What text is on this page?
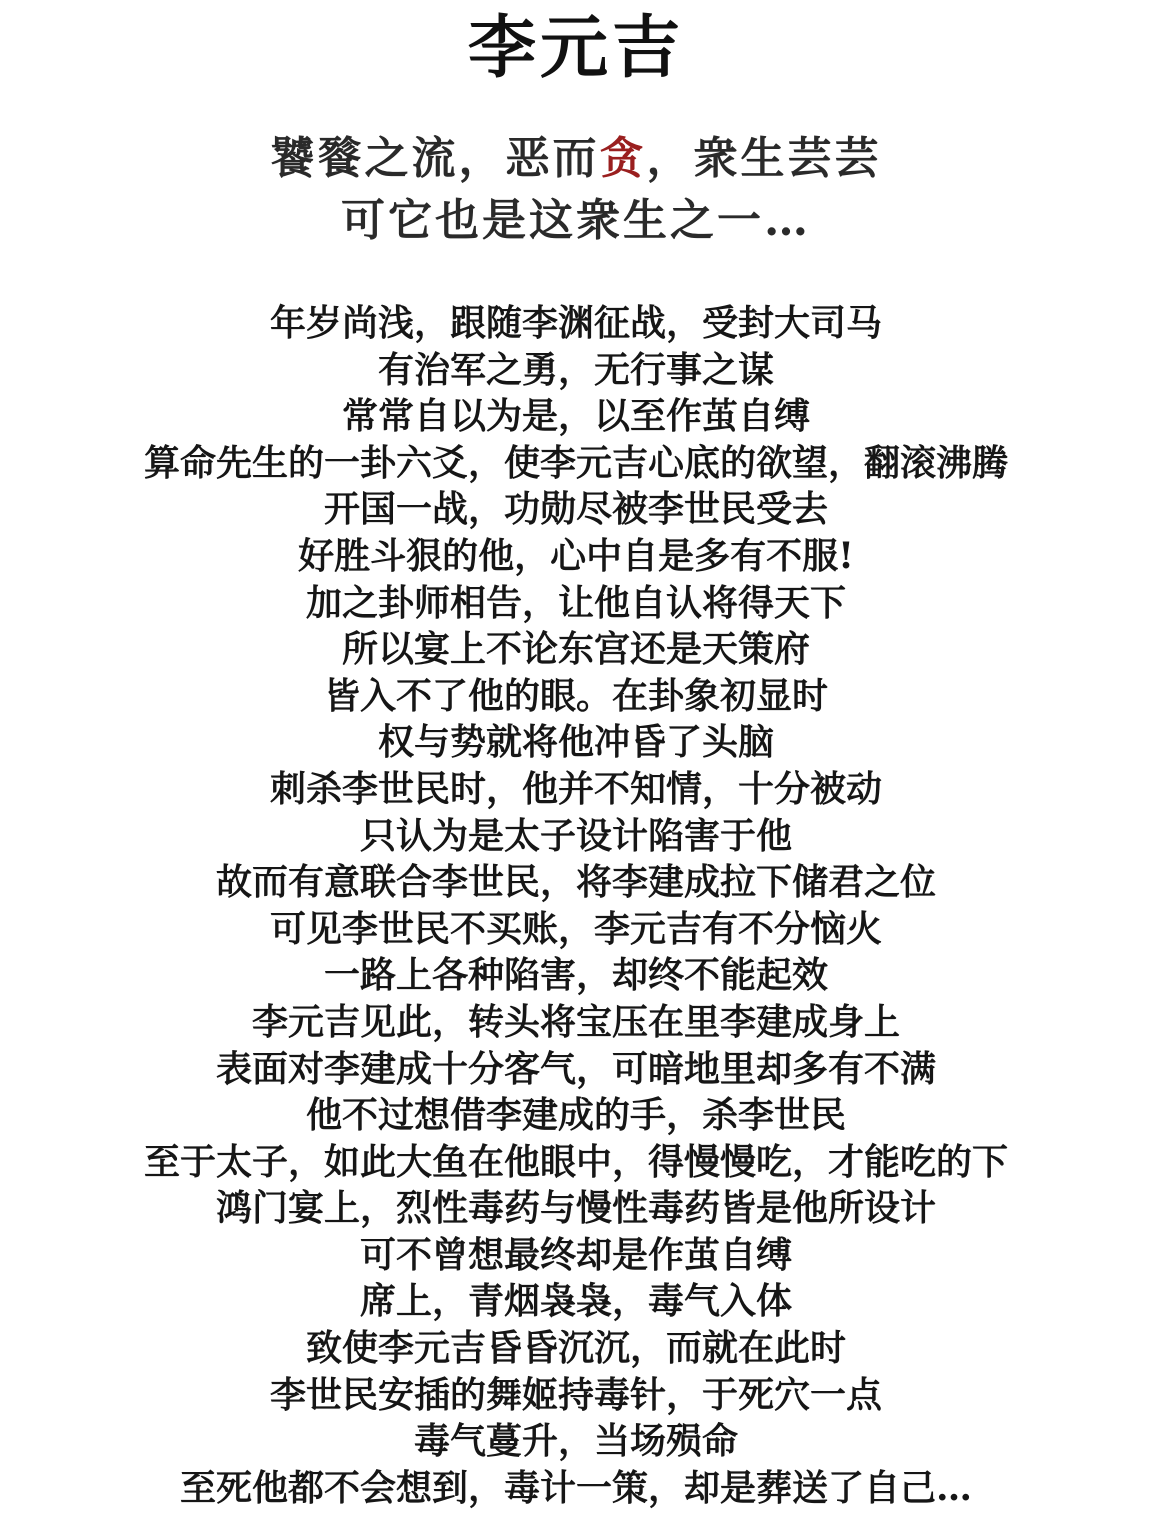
李元吉
饕餮之流，恶而贪，衆生芸芸
可它也是这衆生之一…
年岁尚浅，跟随李渊征战，受封大司马
有治军之勇，无行事之谋
常常自以为是，以至作茧自缚
算命先生的一卦六爻，使李元吉心底的欲望，翻滚沸腾
开国一战，功勋尽被李世民受去
好胜斗狠的他，心中自是多有不服!
加之卦师相告，让他自认将得天下
所以宴上不论东宫还是天策府
皆入不了他的眼。在卦象初显时
权与势就将他冲昏了头脑
刺杀李世民时，他并不知情，十分被动
只认为是太子设计陷害于他
故而有意联合李世民，将李建成拉下储君之位
可见李世民不买账，李元吉有不分恼火
一路上各种陷害，却终不能起效
李元吉见此，转头将宝压在里李建成身上
表面对李建成十分客气，可暗地里却多有不满
他不过想借李建成的手，杀李世民
至于太子，如此大鱼在他眼中，得慢慢吃，才能吃的下
鸿门宴上，烈性毒药与慢性毒药皆是他所设计
可不曾想最终却是作茧自缚
席上，青烟袅袅，毒气入体
致使李元吉昏昏沉沉，而就在此时
李世民安插的舞姬持毒针，于死穴一点
毒气蔓升，当场殒命
至死他都不会想到，毒计一策，却是葬送了自己…
